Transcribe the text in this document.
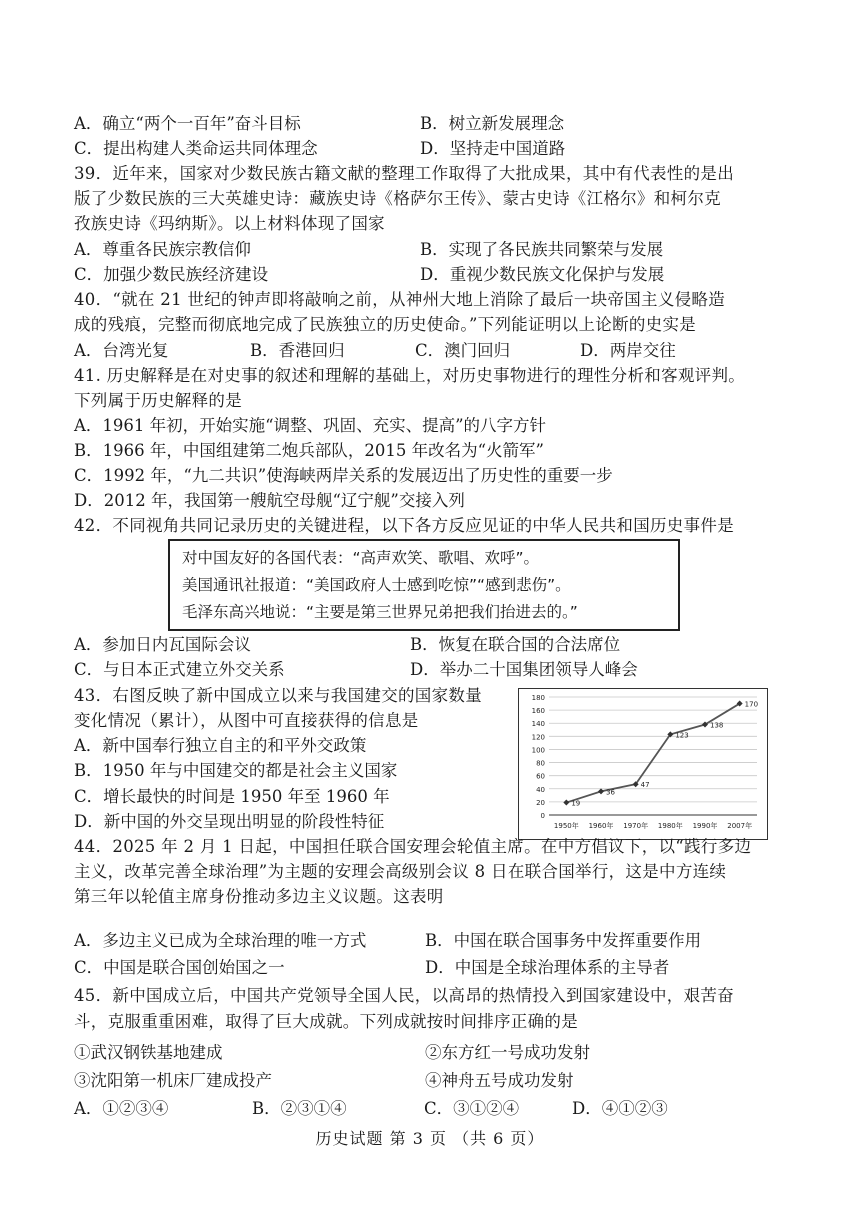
A．确立“两个一百年”奋斗目标	B．树立新发展理念
C．提出构建人类命运共同体理念	D．坚持走中国道路
39．近年来，国家对少数民族古籍文献的整理工作取得了大批成果，其中有代表性的是出
版了少数民族的三大英雄史诗：藏族史诗《格萨尔王传》、蒙古史诗《江格尔》和柯尔克
孜族史诗《玛纳斯》。以上材料体现了国家
A．尊重各民族宗教信仰	B．实现了各民族共同繁荣与发展
C．加强少数民族经济建设	D．重视少数民族文化保护与发展
40．“就在 21 世纪的钟声即将敲响之前，从神州大地上消除了最后一块帝国主义侵略造
成的残痕，完整而彻底地完成了民族独立的历史使命。”下列能证明以上论断的史实是
A．台湾光复	B．香港回归	C．澳门回归	D．两岸交往
41. 历史解释是在对史事的叙述和理解的基础上，对历史事物进行的理性分析和客观评判。
下列属于历史解释的是
A．1961 年初，开始实施“调整、巩固、充实、提高”的八字方针
B．1966 年，中国组建第二炮兵部队，2015 年改名为“火箭军”
C．1992 年，“九二共识”使海峡两岸关系的发展迈出了历史性的重要一步
D．2012 年，我国第一艘航空母舰“辽宁舰”交接入列
42．不同视角共同记录历史的关键进程，以下各方反应见证的中华人民共和国历史事件是
对中国友好的各国代表：“高声欢笑、歌唱、欢呼”。
美国通讯社报道：“美国政府人士感到吃惊”“感到悲伤”。
毛泽东高兴地说：“主要是第三世界兄弟把我们抬进去的。”
A．参加日内瓦国际会议	B．恢复在联合国的合法席位
C．与日本正式建立外交关系	D．举办二十国集团领导人峰会
43．右图反映了新中国成立以来与我国建交的国家数量
变化情况（累计），从图中可直接获得的信息是
A．新中国奉行独立自主的和平外交政策
B．1950 年与中国建交的都是社会主义国家
C．增长最快的时间是 1950 年至 1960 年
D．新中国的外交呈现出明显的阶段性特征	0
20
40
60
80
100
120
140
160
180
1950年 1960年 1970年 1980年 1990年 2007年
19
36
47
123
138
170
44．2025 年 2 月 1 日起，中国担任联合国安理会轮值主席。在中方倡议下，以“践行多边
主义，改革完善全球治理”为主题的安理会高级别会议 8 日在联合国举行，这是中方连续
第三年以轮值主席身份推动多边主义议题。这表明
A．多边主义已成为全球治理的唯一方式	B．中国在联合国事务中发挥重要作用
C．中国是联合国创始国之一	D．中国是全球治理体系的主导者
45．新中国成立后，中国共产党领导全国人民，以高昂的热情投入到国家建设中，艰苦奋
斗，克服重重困难，取得了巨大成就。下列成就按时间排序正确的是
①武汉钢铁基地建成	②东方红一号成功发射
③沈阳第一机床厂建成投产	④神舟五号成功发射
A．①②③④	B．②③①④	C．③①②④	D．④①②③
历史试题 第 3 页 （共 6 页）
